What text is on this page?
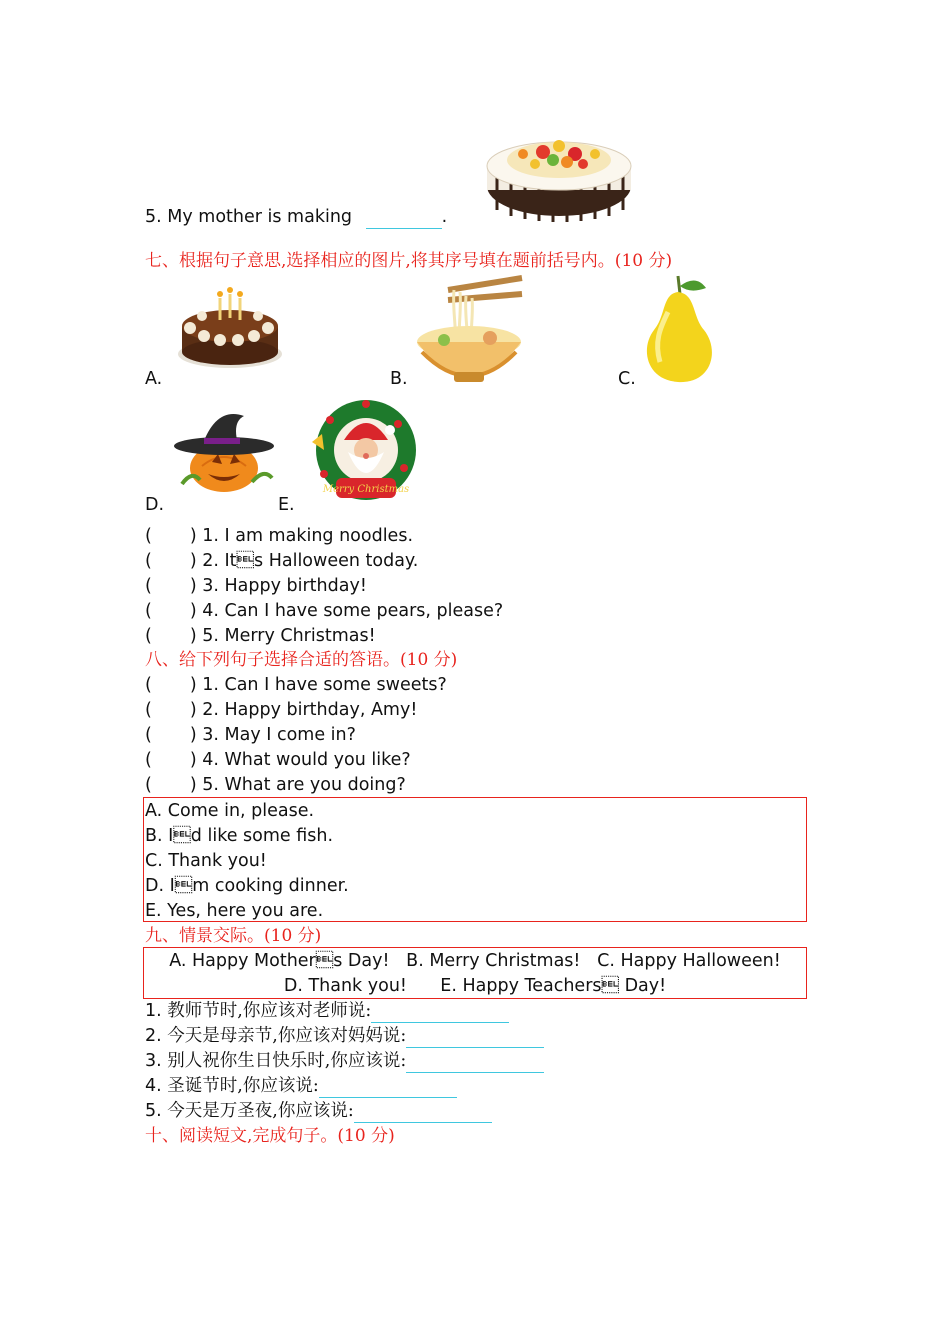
5. My mother is making	.
七、根据句子意思,选择相应的图片,将其序号填在题前括号内。(10 分)
A.	B.	C.
D.
Merry Christmas
E.
( ) 1. I am making noodles.
( ) 2. Its Halloween today.
( ) 3. Happy birthday!
( ) 4. Can I have some pears, please?
( ) 5. Merry Christmas!
八、给下列句子选择合适的答语。(10 分)
( ) 1. Can I have some sweets?
( ) 2. Happy birthday, Amy!
( ) 3. May I come in?
( ) 4. What would you like?
( ) 5. What are you doing?
A. Come in, please.
B. Id like some fish.
C. Thank you!
D. Im cooking dinner.
E. Yes, here you are.
九、情景交际。(10 分)
A. Happy Mothers Day!   B. Merry Christmas!   C. Happy Halloween!
D. Thank you!      E. Happy Teachers Day!
1. 教师节时,你应该对老师说:
2. 今天是母亲节,你应该对妈妈说:
3. 别人祝你生日快乐时,你应该说:
4. 圣诞节时,你应该说:
5. 今天是万圣夜,你应该说:
十、阅读短文,完成句子。(10 分)
